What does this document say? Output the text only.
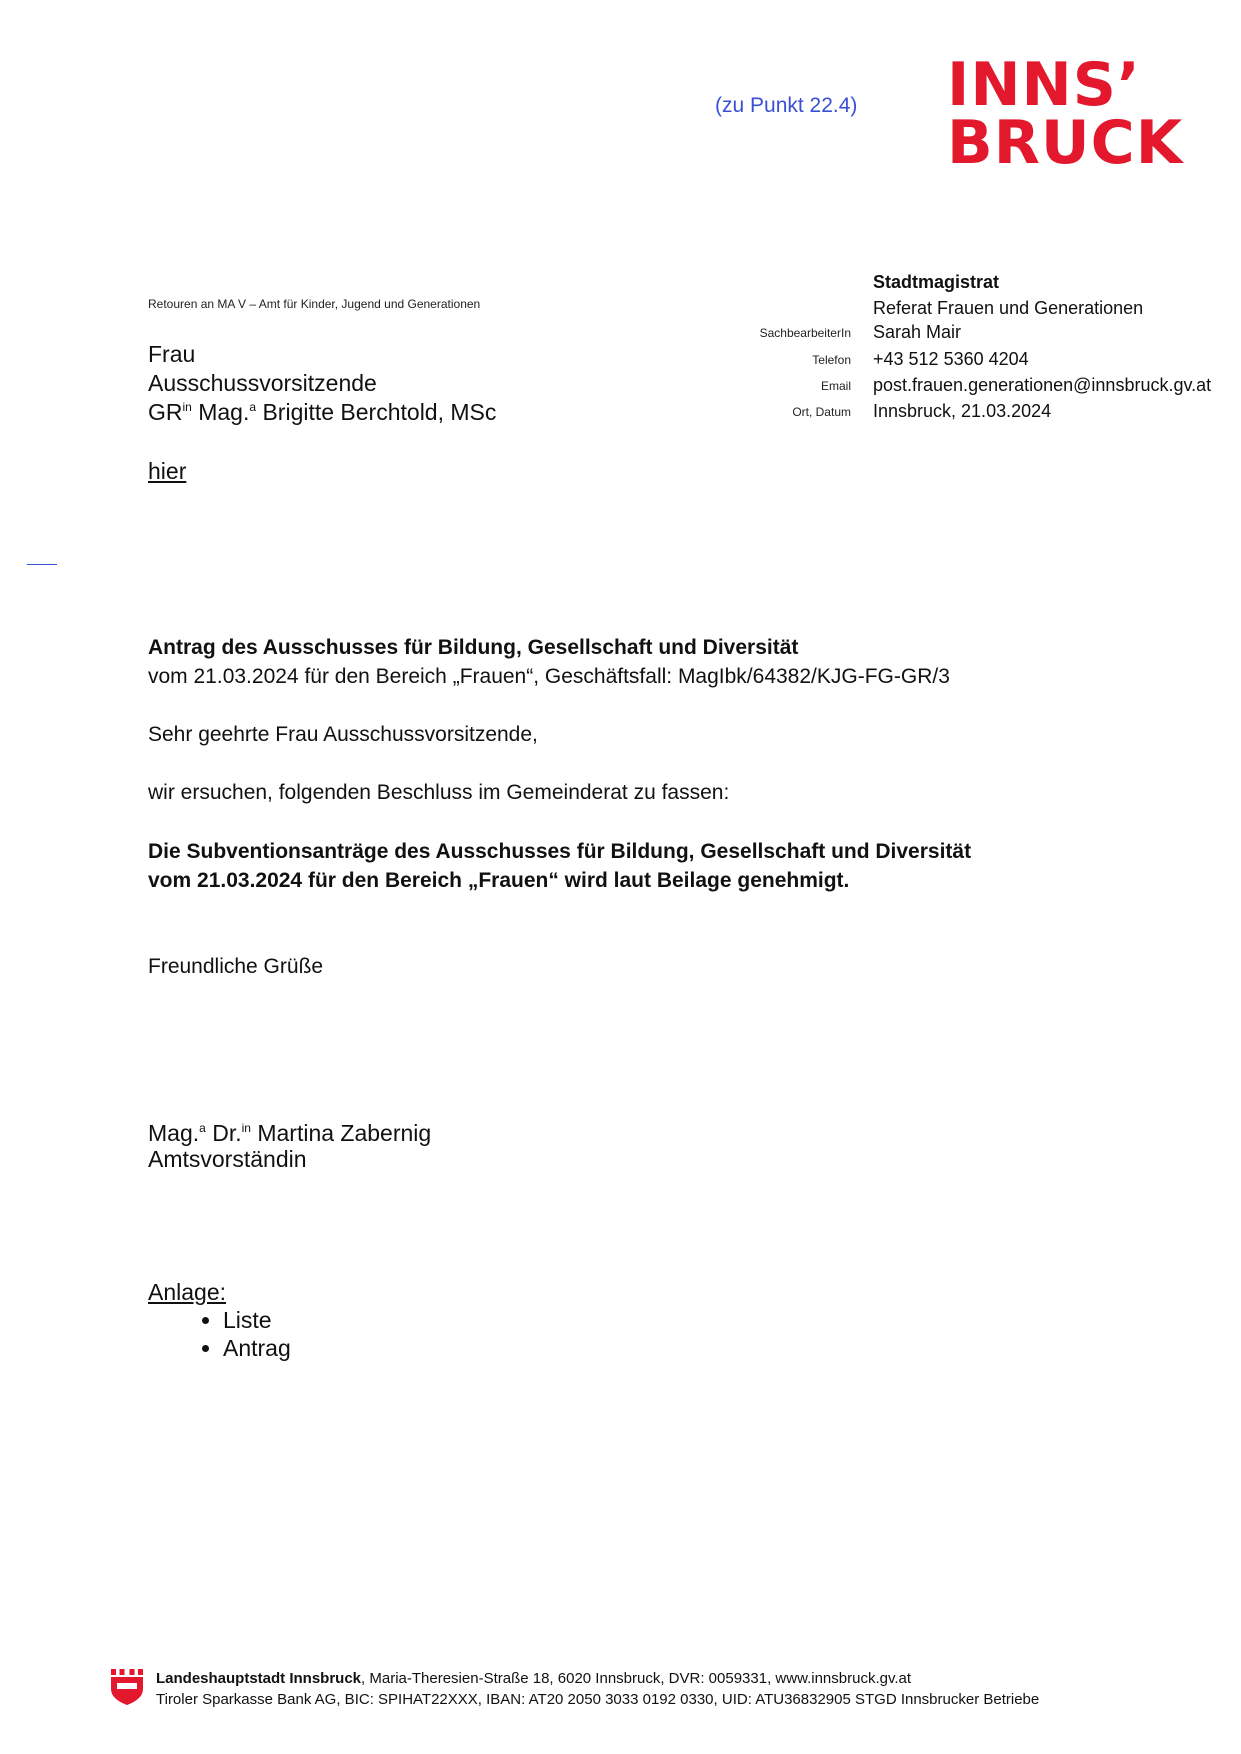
(zu Punkt 22.4) INNS’
BRUCK
Retouren an MA V – Amt für Kinder, Jugend und Generationen
Frau
Ausschussvorsitzende
$GR^{in}$ Mag.$^a$ Brigitte Berchtold, MSc
hier
Stadtmagistrat
Referat Frauen und Generationen
SachbearbeiterIn Sarah Mair
Telefon +43 512 5360 4204
Email post.frauen.generationen@innsbruck.gv.at
Ort, Datum Innsbruck, 21.03.2024
Antrag des Ausschusses für Bildung, Gesellschaft und Diversität
vom 21.03.2024 für den Bereich „Frauen“, Geschäftsfall: MagIbk/64382/KJG-FG-GR/3
Sehr geehrte Frau Ausschussvorsitzende,
wir ersuchen, folgenden Beschluss im Gemeinderat zu fassen:
Die Subventionsanträge des Ausschusses für Bildung, Gesellschaft und Diversität
vom 21.03.2024 für den Bereich „Frauen“ wird laut Beilage genehmigt.
Freundliche Grüße
Mag.$^a$ Dr.$^{in}$ Martina Zabernig
Amtsvorständin
Anlage:
• Liste
• Antrag
Landeshauptstadt Innsbruck, Maria-Theresien-Straße 18, 6020 Innsbruck, DVR: 0059331, www.innsbruck.gv.at
Tiroler Sparkasse Bank AG, BIC: SPIHAT22XXX, IBAN: AT20 2050 3033 0192 0330, UID: ATU36832905 STGD Innsbrucker Betriebe
